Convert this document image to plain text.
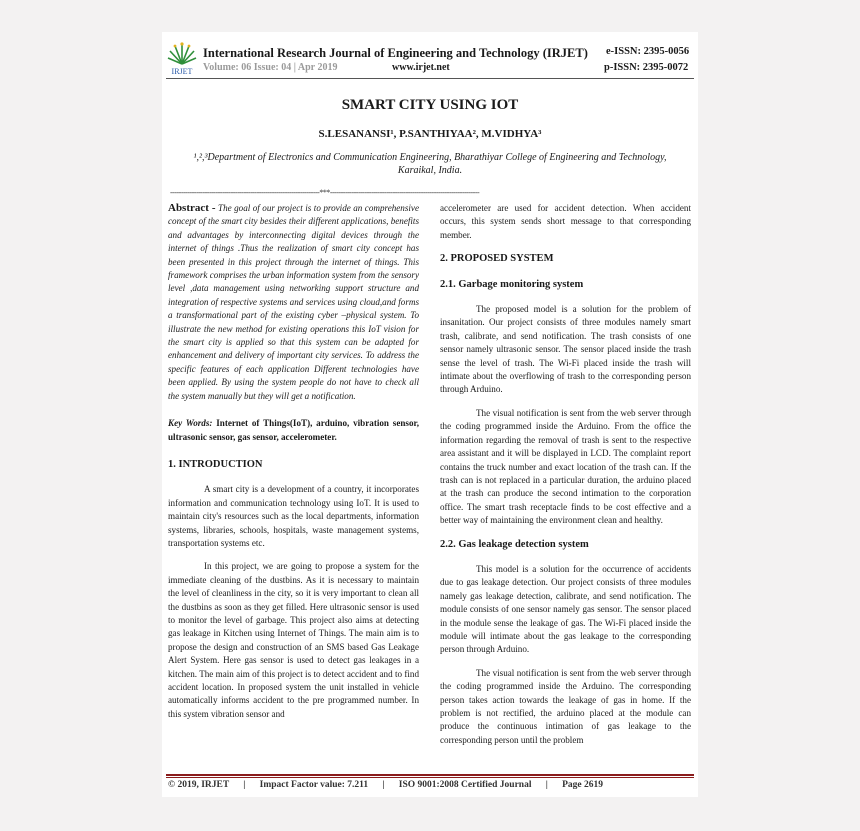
IRJET
International Research Journal of Engineering and Technology (IRJET)
Volume: 06 Issue: 04 | Apr 2019	www.irjet.net
e-ISSN: 2395-0056
p-ISSN: 2395-0072
SMART CITY USING IOT
S.LESANANSI¹, P.SANTHIYAA², M.VIDHYA³
¹,²,³Department of Electronics and Communication Engineering, Bharathiyar College of Engineering and Technology, Karaikal, India.
---------------------------------------------------------------------***---------------------------------------------------------------------

Abstract - The goal of our project is to provide an comprehensive concept of the smart city besides their different applications, benefits and advantages by interconnecting digital devices through the internet of things .Thus the realization of smart city concept has been presented in this project through the internet of things. This framework comprises the urban information system from the sensory level ,data management using networking support structure and integration of respective systems and services using cloud,and forms a transformational part of the existing cyber –physical system. To illustrate the new method for existing operations this IoT vision for the smart city is applied so that this system can be adapted for enhancement and delivery of important city services. To address the specific features of each application Different technologies have been applied. By using the system people do not have to check all the system manually but they will get a notification.

Key Words: Internet of Things(IoT), arduino, vibration sensor, ultrasonic sensor, gas sensor, accelerometer.

1. INTRODUCTION

A smart city is a development of a country, it incorporates information and communication technology using IoT. It is used to maintain city's resources such as the local departments, information systems, libraries, schools, hospitals, waste management systems, transportation systems etc.

In this project, we are going to propose a system for the immediate cleaning of the dustbins. As it is necessary to maintain the level of cleanliness in the city, so it is very important to clean all the dustbins as soon as they get filled. Here ultrasonic sensor is used to monitor the level of garbage. This project also aims at detecting gas leakage in Kitchen using Internet of Things. The main aim is to propose the design and construction of an SMS based Gas Leakage Alert System. Here gas sensor is used to detect gas leakages in a kitchen. The main aim of this project is to detect accident and to find accident location. In proposed system the unit installed in vehicle automatically informs accident to the pre programmed number. In this system vibration sensor and

accelerometer are used for accident detection. When accident occurs, this system sends short message to that corresponding member.

2. PROPOSED SYSTEM

2.1. Garbage monitoring system

The proposed model is a solution for the problem of insanitation. Our project consists of three modules namely smart trash, calibrate, and send notification. The trash consists of one sensor namely ultrasonic sensor. The sensor placed inside the trash sense the level of trash. The Wi-Fi placed inside the trash will intimate about the overflowing of trash to the corresponding person through Arduino.

The visual notification is sent from the web server through the coding programmed inside the Arduino. From the office the information regarding the removal of trash is sent to the respective area assistant and it will be displayed in LCD. The complaint report contains the truck number and exact location of the trash can. If the trash can is not replaced in a particular duration, the arduino placed at the trash can produce the second intimation to the corporation office. The smart trash receptacle finds to be cost effective and a better way of maintaining the environment clean and healthy.

2.2. Gas leakage detection system

This model is a solution for the occurrence of accidents due to gas leakage detection. Our project consists of three modules namely gas leakage detection, calibrate, and send notification. The module consists of one sensor namely gas sensor. The sensor placed in the module sense the leakage of gas. The Wi-Fi placed inside the module will intimate about the gas leakage to the corresponding person through Arduino.

The visual notification is sent from the web server through the coding programmed inside the Arduino. The corresponding person takes action towards the leakage of gas in home. If the problem is not rectified, the arduino placed at the module can produce the continuous intimation of gas leakage to the corresponding person until the problem

© 2019, IRJET      |      Impact Factor value: 7.211      |      ISO 9001:2008 Certified Journal      |      Page 2619
